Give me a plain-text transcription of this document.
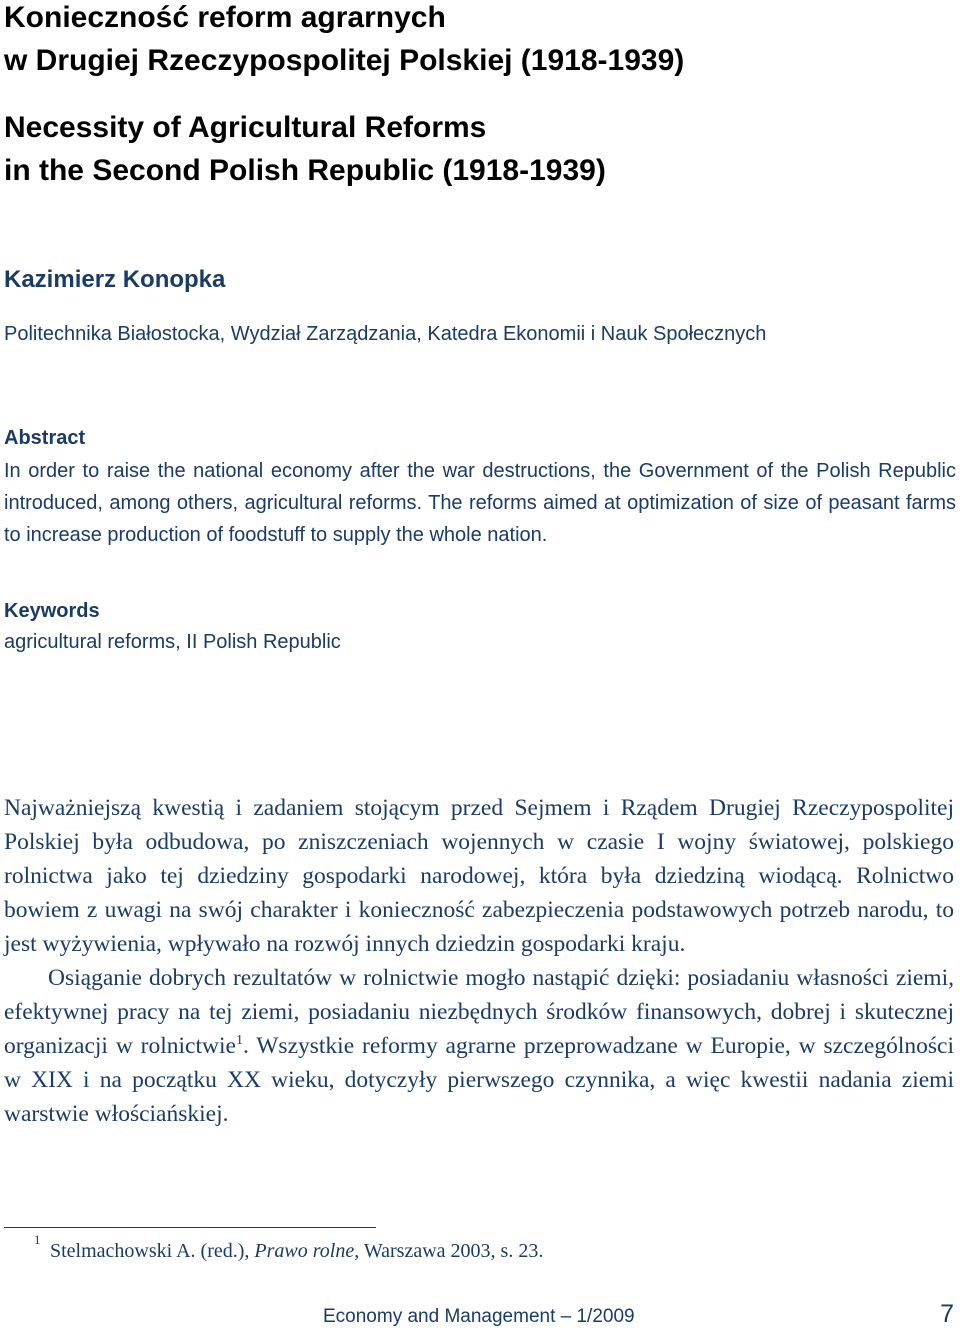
Konieczność reform agrarnych
w Drugiej Rzeczypospolitej Polskiej (1918-1939)
Necessity of Agricultural Reforms
in the Second Polish Republic (1918-1939)
Kazimierz Konopka
Politechnika Białostocka, Wydział Zarządzania, Katedra Ekonomii i Nauk Społecznych
Abstract
In order to raise the national economy after the war destructions, the Government of the Polish Republic introduced, among others, agricultural reforms. The reforms aimed at optimization of size of peasant farms to increase production of foodstuff to supply the whole nation.
Keywords
agricultural reforms, II Polish Republic

Najważniejszą kwestią i zadaniem stojącym przed Sejmem i Rządem Drugiej Rzeczypospolitej Polskiej była odbudowa, po zniszczeniach wojennych w czasie I wojny światowej, polskiego rolnictwa jako tej dziedziny gospodarki narodowej, która była dziedziną wiodącą. Rolnictwo bowiem z uwagi na swój charakter i konieczność zabezpieczenia podstawowych potrzeb narodu, to jest wyżywienia, wpływało na rozwój innych dziedzin gospodarki kraju.

Osiąganie dobrych rezultatów w rolnictwie mogło nastąpić dzięki: posiadaniu własności ziemi, efektywnej pracy na tej ziemi, posiadaniu niezbędnych środków finansowych, dobrej i skutecznej organizacji w rolnictwie$^1$. Wszystkie reformy agrarne przeprowadzane w Europie, w szczególności w XIX i na początku XX wieku, dotyczyły pierwszego czynnika, a więc kwestii nadania ziemi warstwie włościańskiej.

1
Stelmachowski A. (red.), Prawo rolne, Warszawa 2003, s. 23.
Economy and Management – 1/2009	7
